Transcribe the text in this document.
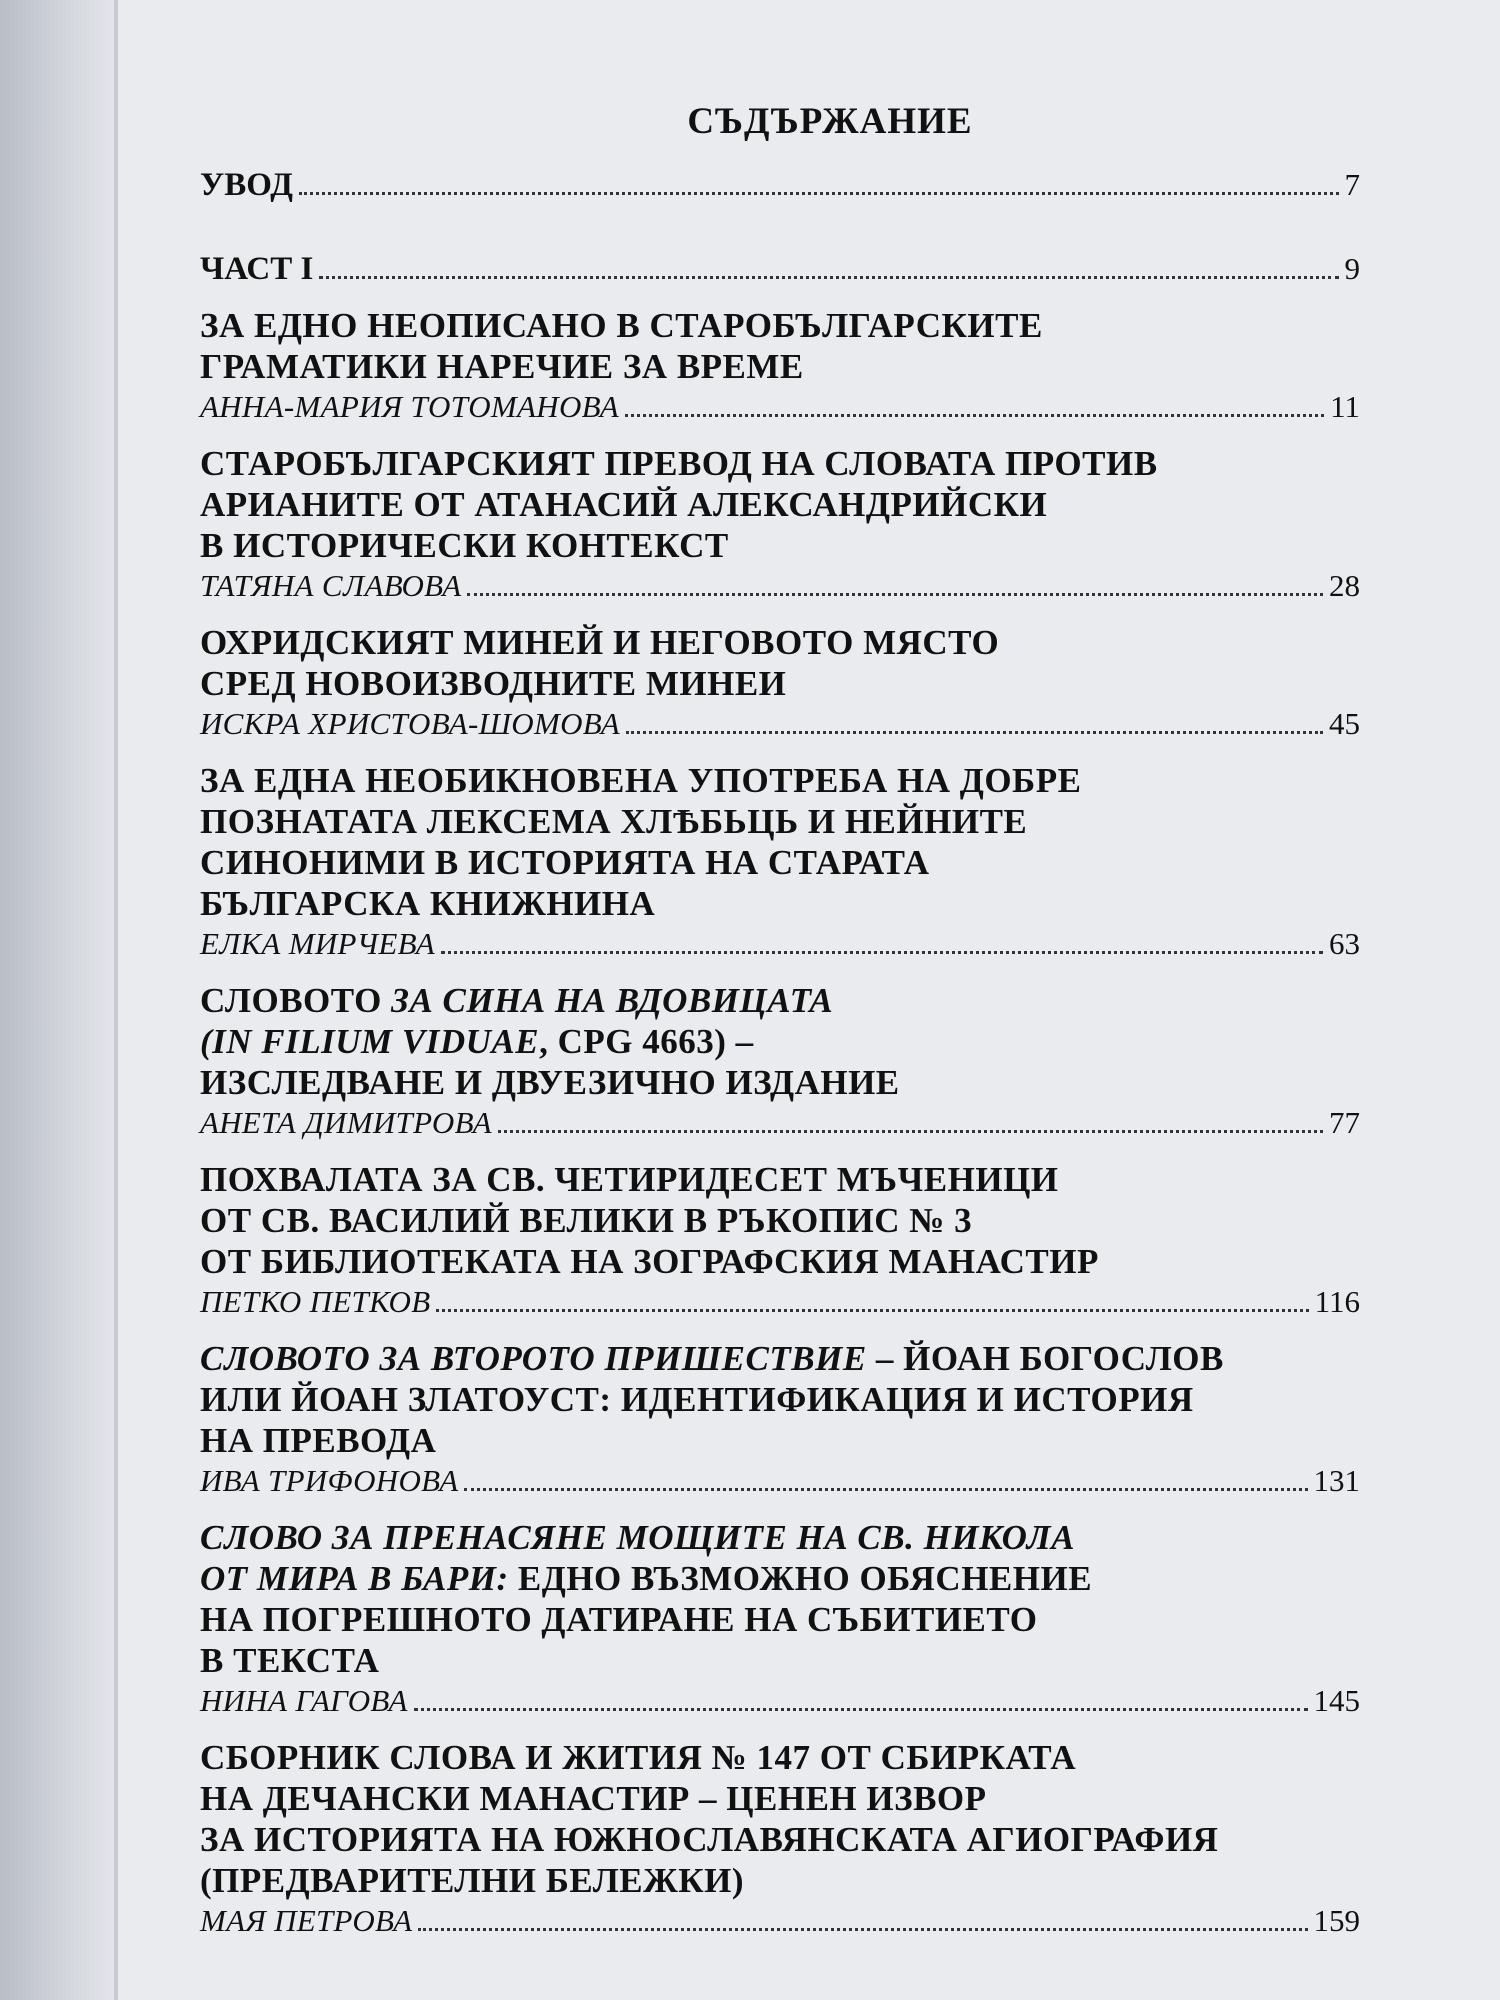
СЪДЪРЖАНИЕ
УВОД	7
ЧАСТ I	9
ЗА ЕДНО НЕОПИСАНО В СТАРОБЪЛГАРСКИТЕ
ГРАМАТИКИ НАРЕЧИЕ ЗА ВРЕМЕ
АННА-МАРИЯ ТОТОМАНОВА	11
СТАРОБЪЛГАРСКИЯТ ПРЕВОД НА СЛОВАТА ПРОТИВ
АРИАНИТЕ ОТ АТАНАСИЙ АЛЕКСАНДРИЙСКИ
В ИСТОРИЧЕСКИ КОНТЕКСТ
ТАТЯНА СЛАВОВА	28
ОХРИДСКИЯТ МИНЕЙ И НЕГОВОТО МЯСТО
СРЕД НОВОИЗВОДНИТЕ МИНЕИ
ИСКРА ХРИСТОВА-ШОМОВА	45
ЗА ЕДНА НЕОБИКНОВЕНА УПОТРЕБА НА ДОБРЕ
ПОЗНАТАТА ЛЕКСЕМА ХЛѢБЬЦЬ И НЕЙНИТЕ
СИНОНИМИ В ИСТОРИЯТА НА СТАРАТА
БЪЛГАРСКА КНИЖНИНА
ЕЛКА МИРЧЕВА	63
СЛОВОТО ЗА СИНА НА ВДОВИЦАТА
(IN FILIUM VIDUAE, CPG 4663) –
ИЗСЛЕДВАНЕ И ДВУЕЗИЧНО ИЗДАНИЕ
АНЕТА ДИМИТРОВА	77
ПОХВАЛАТА ЗА СВ. ЧЕТИРИДЕСЕТ МЪЧЕНИЦИ
ОТ СВ. ВАСИЛИЙ ВЕЛИКИ В РЪКОПИС № 3
ОТ БИБЛИОТЕКАТА НА ЗОГРАФСКИЯ МАНАСТИР
ПЕТКО ПЕТКОВ	116
СЛОВОТО ЗА ВТОРОТО ПРИШЕСТВИЕ – ЙОАН БОГОСЛОВ
ИЛИ ЙОАН ЗЛАТОУСТ: ИДЕНТИФИКАЦИЯ И ИСТОРИЯ
НА ПРЕВОДА
ИВА ТРИФОНОВА	131
СЛОВО ЗА ПРЕНАСЯНЕ МОЩИТЕ НА СВ. НИКОЛА
ОТ МИРА В БАРИ: ЕДНО ВЪЗМОЖНО ОБЯСНЕНИЕ
НА ПОГРЕШНОТО ДАТИРАНЕ НА СЪБИТИЕТО
В ТЕКСТА
НИНА ГАГОВА	145
СБОРНИК СЛОВА И ЖИТИЯ № 147 ОТ СБИРКАТА
НА ДЕЧАНСКИ МАНАСТИР – ЦЕНЕН ИЗВОР
ЗА ИСТОРИЯТА НА ЮЖНОСЛАВЯНСКАТА АГИОГРАФИЯ
(ПРЕДВАРИТЕЛНИ БЕЛЕЖКИ)
МАЯ ПЕТРОВА	159
